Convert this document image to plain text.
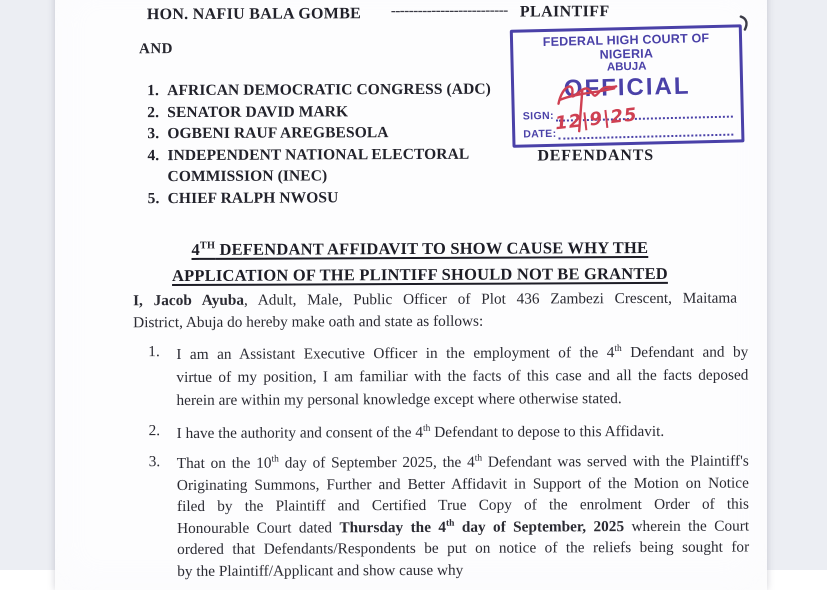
HON. NAFIU BALA GOMBE -------------------------- PLAINTIFF
AND
1. AFRICAN DEMOCRATIC CONGRESS (ADC)
2. SENATOR DAVID MARK
3. OGBENI RAUF AREGBESOLA
4. INDEPENDENT NATIONAL ELECTORAL
COMMISSION (INEC)
5. CHIEF RALPH NWOSU
DEFENDANTS
FEDERAL HIGH COURT OF NIGERIA
ABUJA
OFFICIAL
SIGN:
DATE:
12|9|25
4TH DEFENDANT AFFIDAVIT TO SHOW CAUSE WHY THE
APPLICATION OF THE PLINTIFF SHOULD NOT BE GRANTED
I, Jacob Ayuba, Adult, Male, Public Officer of Plot 436 Zambezi Crescent, Maitama
District, Abuja do hereby make oath and state as follows:
1. I am an Assistant Executive Officer in the employment of the 4th Defendant and by
virtue of my position, I am familiar with the facts of this case and all the facts deposed
herein are within my personal knowledge except where otherwise stated.
2. I have the authority and consent of the 4th Defendant to depose to this Affidavit.
3. That on the 10th day of September 2025, the 4th Defendant was served with the Plaintiff's
Originating Summons, Further and Better Affidavit in Support of the Motion on Notice
filed by the Plaintiff and Certified True Copy of the enrolment Order of this
Honourable Court dated Thursday the 4th day of September, 2025 wherein the Court
ordered that Defendants/Respondents be put on notice of the reliefs being sought for
by the Plaintiff/Applicant and show cause why
